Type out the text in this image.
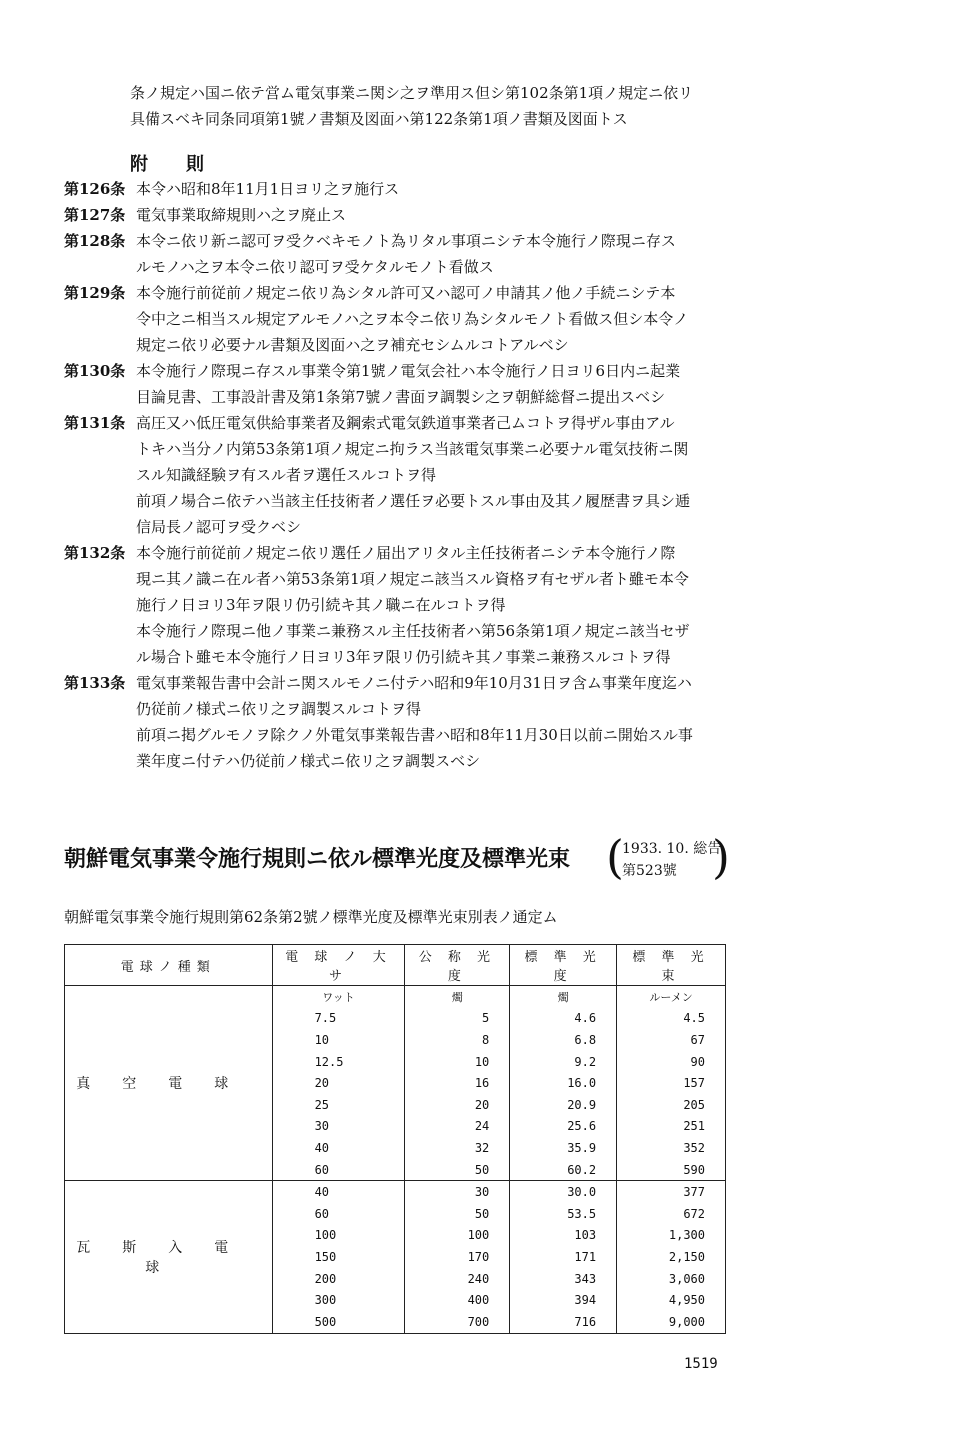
条ノ規定ハ国ニ依テ営ム電気事業ニ関シ之ヲ準用ス但シ第102条第1項ノ規定ニ依リ
具備スベキ同条同項第1號ノ書類及図面ハ第122条第1項ノ書類及図面トス
附　則
第126条 本令ハ昭和8年11月1日ヨリ之ヲ施行ス
第127条 電気事業取締規則ハ之ヲ廃止ス
第128条 本令ニ依リ新ニ認可ヲ受クベキモノト為リタル事項ニシテ本令施行ノ際現ニ存ス
ルモノハ之ヲ本令ニ依リ認可ヲ受ケタルモノト看做ス
第129条 本令施行前従前ノ規定ニ依リ為シタル許可又ハ認可ノ申請其ノ他ノ手続ニシテ本
令中之ニ相当スル規定アルモノハ之ヲ本令ニ依リ為シタルモノト看做ス但シ本令ノ
規定ニ依リ必要ナル書類及図面ハ之ヲ補充セシムルコトアルベシ
第130条 本令施行ノ際現ニ存スル事業令第1號ノ電気会社ハ本令施行ノ日ヨリ6日内ニ起業
目論見書、工事設計書及第1条第7號ノ書面ヲ調製シ之ヲ朝鮮総督ニ提出スベシ
第131条 高圧又ハ低圧電気供給事業者及鋼索式電気鉄道事業者己ムコトヲ得ザル事由アル
トキハ当分ノ内第53条第1項ノ規定ニ拘ラス当該電気事業ニ必要ナル電気技術ニ関
スル知識経験ヲ有スル者ヲ選任スルコトヲ得
前項ノ場合ニ依テハ当該主任技術者ノ選任ヲ必要トスル事由及其ノ履歴書ヲ具シ逓
信局長ノ認可ヲ受クベシ
第132条 本令施行前従前ノ規定ニ依リ選任ノ届出アリタル主任技術者ニシテ本令施行ノ際
現ニ其ノ識ニ在ル者ハ第53条第1項ノ規定ニ該当スル資格ヲ有セザル者ト雖モ本令
施行ノ日ヨリ3年ヲ限リ仍引続キ其ノ職ニ在ルコトヲ得
本令施行ノ際現ニ他ノ事業ニ兼務スル主任技術者ハ第56条第1項ノ規定ニ該当セザ
ル場合ト雖モ本令施行ノ日ヨリ3年ヲ限リ仍引続キ其ノ事業ニ兼務スルコトヲ得
第133条 電気事業報告書中会計ニ関スルモノニ付テハ昭和9年10月31日ヲ含ム事業年度迄ハ
仍従前ノ様式ニ依リ之ヲ調製スルコトヲ得
前項ニ掲グルモノヲ除クノ外電気事業報告書ハ昭和8年11月30日以前ニ開始スル事
業年度ニ付テハ仍従前ノ様式ニ依リ之ヲ調製スベシ
朝鮮電気事業令施行規則ニ依ル標準光度及標準光束 (
1933. 10. 総告
第523號 )
朝鮮電気事業令施行規則第62条第2號ノ標準光度及標準光束別表ノ通定ム
電球ノ種類	電 球 ノ 大 サ	公 称 光 度	標 準 光 度	標 準 光 束
真空電球	ワット	燭	燭	ルーメン
	7.5	5	4.6	4.5
	10	8	6.8	67
	12.5	10	9.2	90
	20	16	16.0	157
	25	20	20.9	205
	30	24	25.6	251
	40	32	35.9	352
	60	50	60.2	590
瓦斯入電球	40	30	30.0	377
	60	50	53.5	672
	100	100	103	1,300
	150	170	171	2,150
	200	240	343	3,060
	300	400	394	4,950
	500	700	716	9,000
1519
